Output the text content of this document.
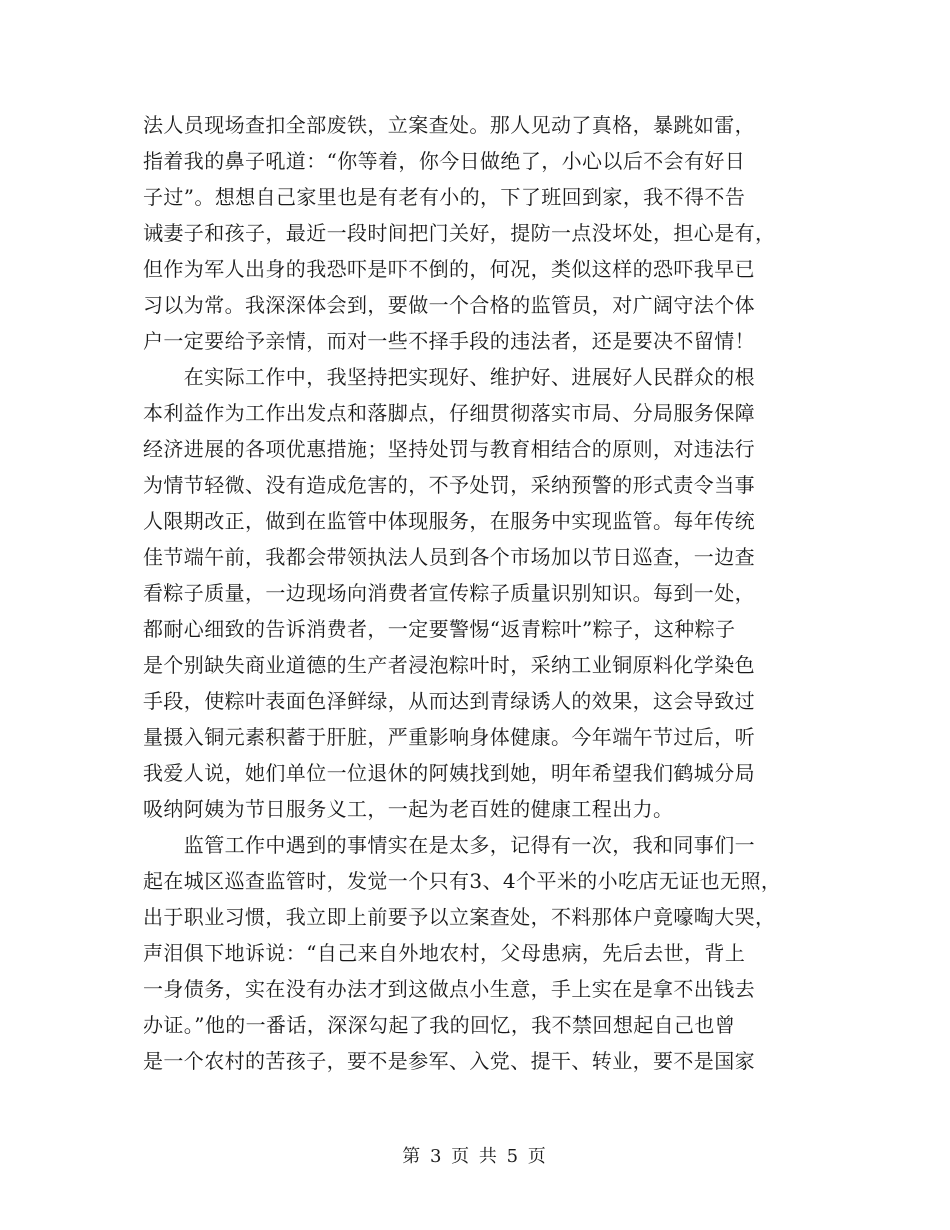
法人员现场查扣全部废铁，立案查处。那人见动了真格，暴跳如雷，
指着我的鼻子吼道：“你等着，你今日做绝了，小心以后不会有好日
子过”。想想自己家里也是有老有小的，下了班回到家，我不得不告
诫妻子和孩子，最近一段时间把门关好，提防一点没坏处，担心是有，
但作为军人出身的我恐吓是吓不倒的，何况，类似这样的恐吓我早已
习以为常。我深深体会到，要做一个合格的监管员，对广阔守法个体
户一定要给予亲情，而对一些不择手段的违法者，还是要决不留情！
　　在实际工作中，我坚持把实现好、维护好、进展好人民群众的根
本利益作为工作出发点和落脚点，仔细贯彻落实市局、分局服务保障
经济进展的各项优惠措施；坚持处罚与教育相结合的原则，对违法行
为情节轻微、没有造成危害的，不予处罚，采纳预警的形式责令当事
人限期改正，做到在监管中体现服务，在服务中实现监管。每年传统
佳节端午前，我都会带领执法人员到各个市场加以节日巡查，一边查
看粽子质量，一边现场向消费者宣传粽子质量识别知识。每到一处，
都耐心细致的告诉消费者，一定要警惕“返青粽叶”粽子，这种粽子
是个别缺失商业道德的生产者浸泡粽叶时，采纳工业铜原料化学染色
手段，使粽叶表面色泽鲜绿，从而达到青绿诱人的效果，这会导致过
量摄入铜元素积蓄于肝脏，严重影响身体健康。今年端午节过后，听
我爱人说，她们单位一位退休的阿姨找到她，明年希望我们鹤城分局
吸纳阿姨为节日服务义工，一起为老百姓的健康工程出力。
　　监管工作中遇到的事情实在是太多，记得有一次，我和同事们一
起在城区巡查监管时，发觉一个只有3、4个平米的小吃店无证也无照，
出于职业习惯，我立即上前要予以立案查处，不料那体户竟嚎啕大哭，
声泪俱下地诉说：“自己来自外地农村，父母患病，先后去世，背上
一身债务，实在没有办法才到这做点小生意，手上实在是拿不出钱去
办证。”他的一番话，深深勾起了我的回忆，我不禁回想起自己也曾
是一个农村的苦孩子，要不是参军、入党、提干、转业，要不是国家
第 3 页 共 5 页
